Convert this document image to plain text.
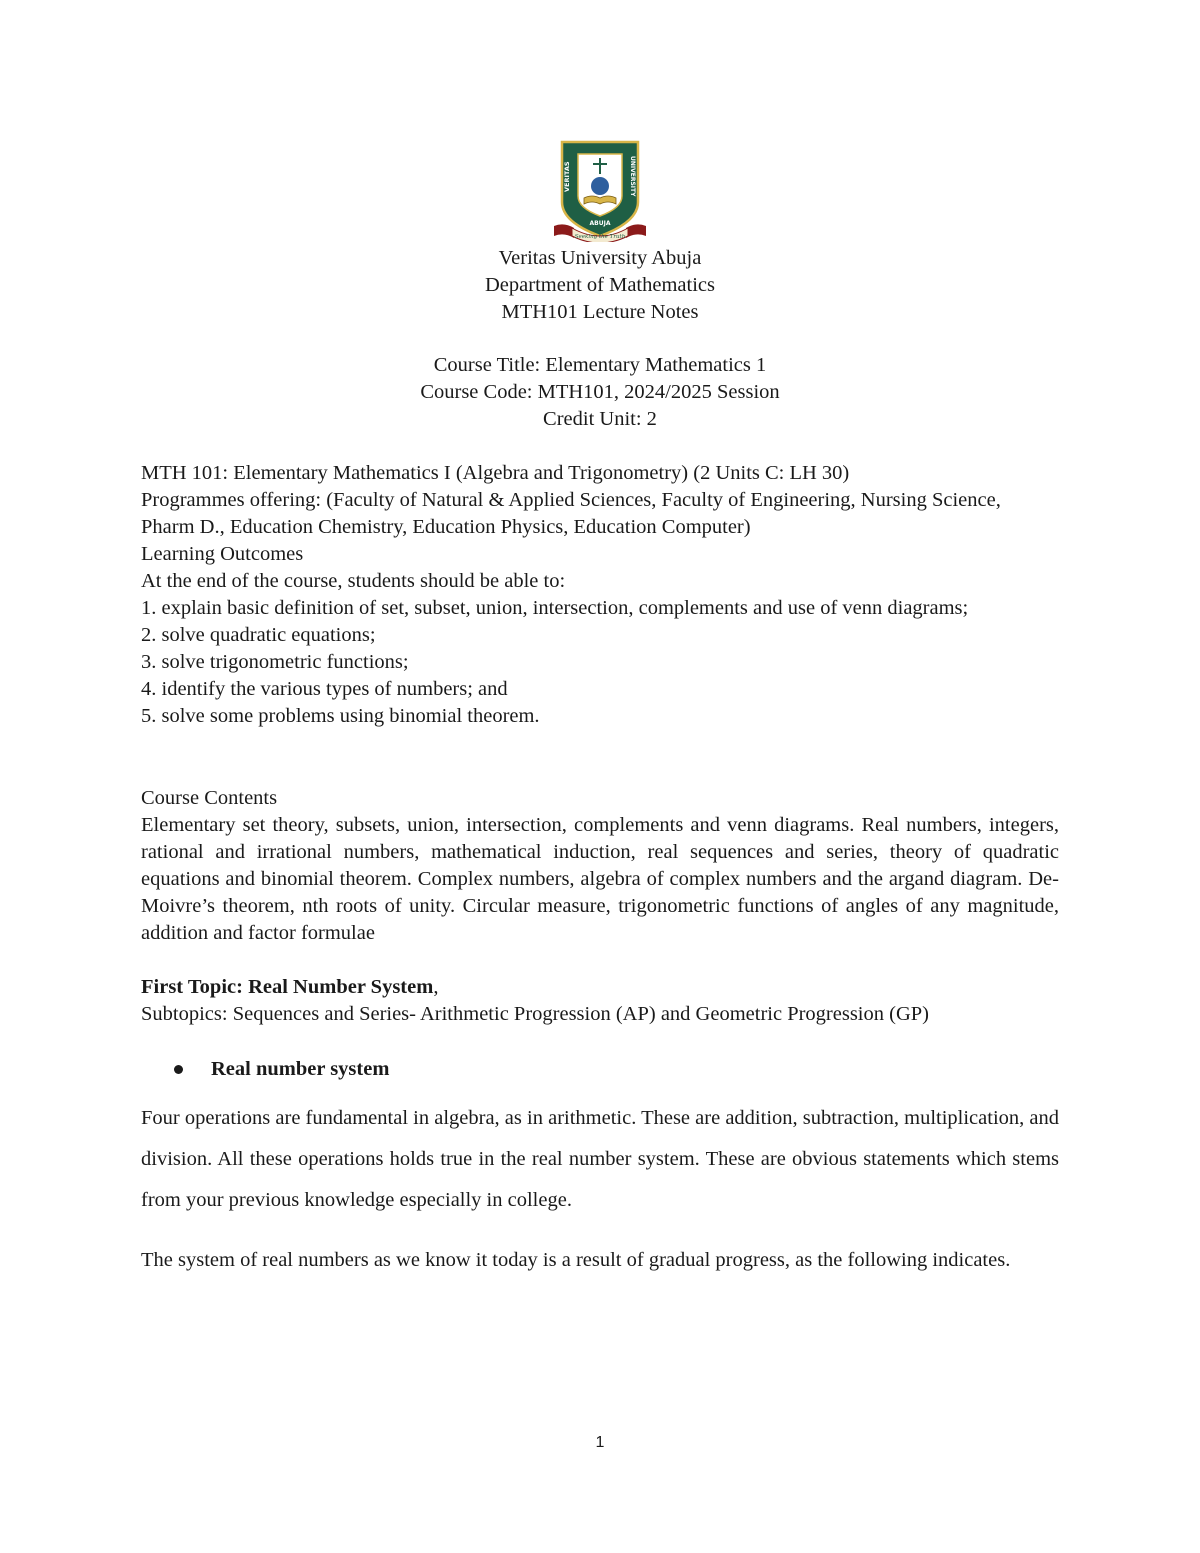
VERITAS	UNIVERSITY
ABUJA
Seeking the Truth
Veritas University Abuja
Department of Mathematics
MTH101 Lecture Notes
Course Title: Elementary Mathematics 1
Course Code: MTH101, 2024/2025 Session
Credit Unit: 2

MTH 101: Elementary Mathematics I (Algebra and Trigonometry) (2 Units C: LH 30)

Programmes offering: (Faculty of Natural & Applied Sciences, Faculty of Engineering, Nursing Science, Pharm D., Education Chemistry, Education Physics, Education Computer)

Learning Outcomes

At the end of the course, students should be able to:

1. explain basic definition of set, subset, union, intersection, complements and use of venn diagrams;

2. solve quadratic equations;

3. solve trigonometric functions;

4. identify the various types of numbers; and

5. solve some problems using binomial theorem.

Course Contents

Elementary set theory, subsets, union, intersection, complements and venn diagrams. Real numbers, integers, rational and irrational numbers, mathematical induction, real sequences and series, theory of quadratic equations and binomial theorem. Complex numbers, algebra of complex numbers and the argand diagram. De-Moivre’s theorem, nth roots of unity. Circular measure, trigonometric functions of angles of any magnitude, addition and factor formulae

First Topic: Real Number System,

Subtopics: Sequences and Series- Arithmetic Progression (AP) and Geometric Progression (GP)

Real number system
Four operations are fundamental in algebra, as in arithmetic. These are addition, subtraction, multiplication, and division. All these operations holds true in the real number system. These are obvious statements which stems from your previous knowledge especially in college.
The system of real numbers as we know it today is a result of gradual progress, as the following indicates.
1
